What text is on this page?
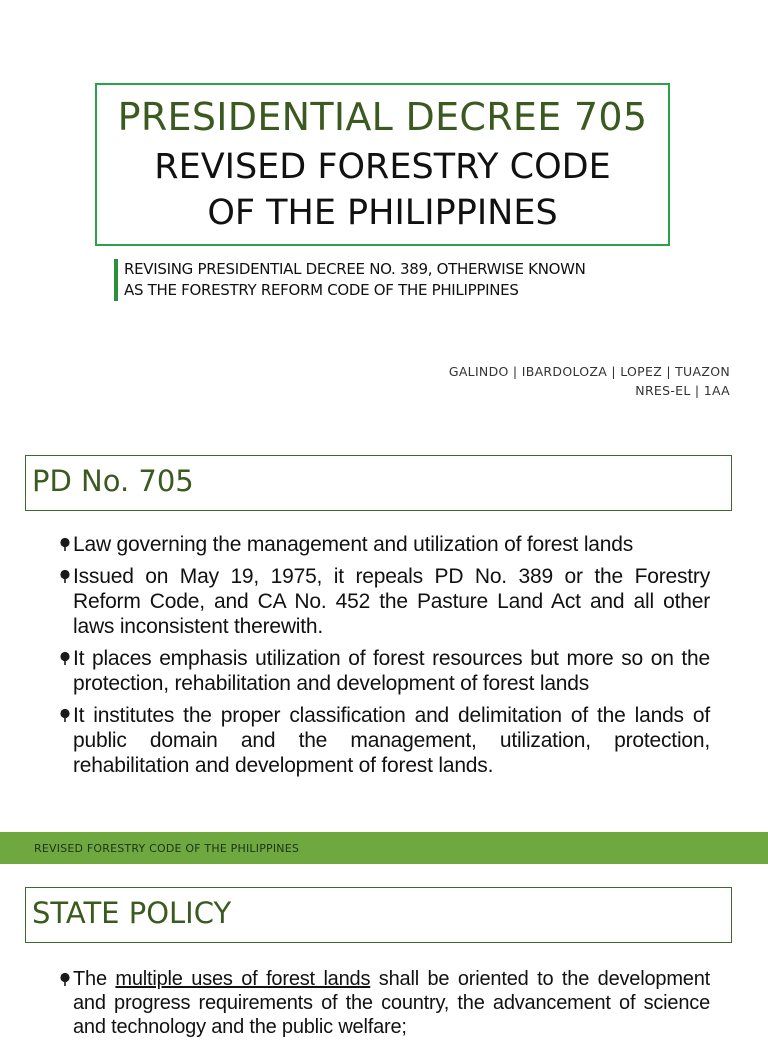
PRESIDENTIAL DECREE 705
REVISED FORESTRY CODE
OF THE PHILIPPINES
REVISING PRESIDENTIAL DECREE NO. 389, OTHERWISE KNOWN
AS THE FORESTRY REFORM CODE OF THE PHILIPPINES
GALINDO | IBARDOLOZA | LOPEZ | TUAZON
NRES-EL | 1AA
PD No. 705
Law governing the management and utilization of forest lands
Issued on May 19, 1975, it repeals PD No. 389 or the Forestry Reform Code, and CA No. 452 the Pasture Land Act and all other laws inconsistent therewith.
It places emphasis utilization of forest resources but more so on the protection, rehabilitation and development of forest lands
It institutes the proper classification and delimitation of the lands of public domain and the management, utilization, protection, rehabilitation and development of forest lands.
REVISED FORESTRY CODE OF THE PHILIPPINES
STATE POLICY
The multiple uses of forest lands shall be oriented to the development and progress requirements of the country, the advancement of science and technology and the public welfare;
